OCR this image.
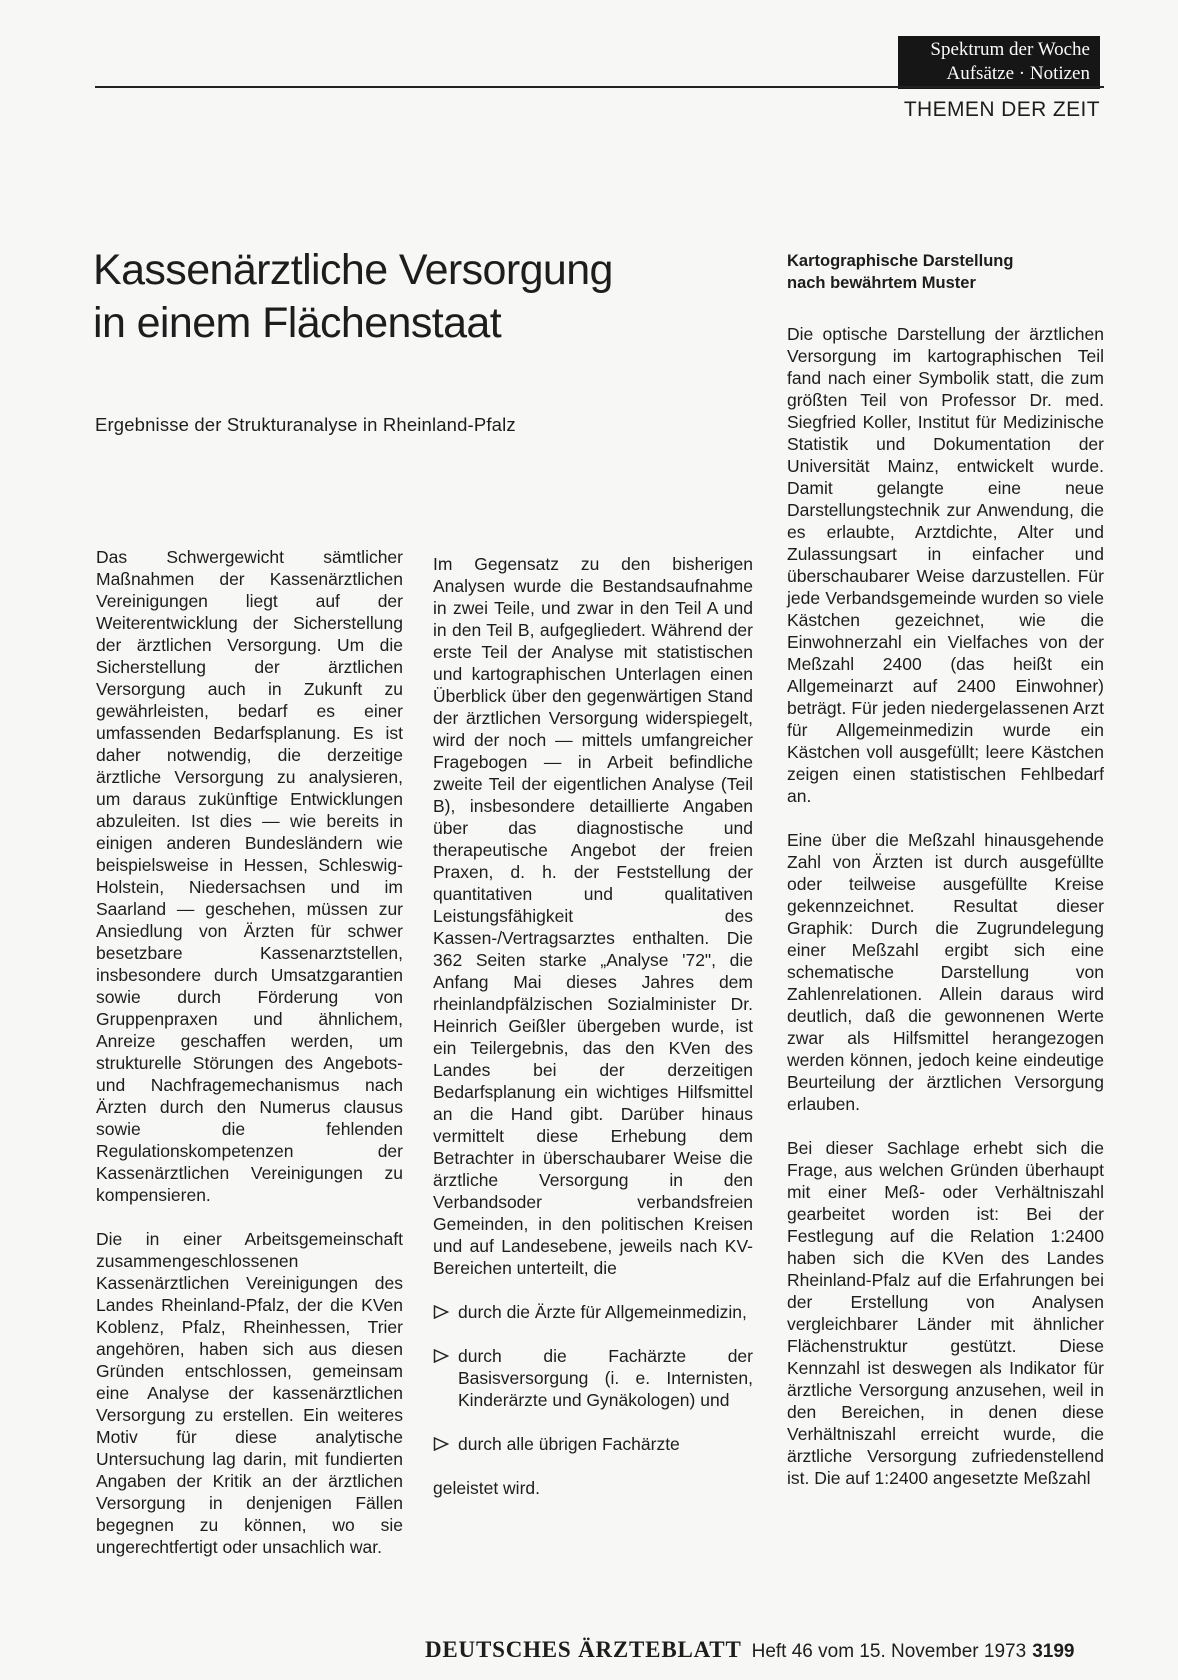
Spektrum der Woche
Aufsätze · Notizen
THEMEN DER ZEIT
Kassenärztliche Versorgung
in einem Flächenstaat
Ergebnisse der Strukturanalyse in Rheinland-Pfalz

Das Schwergewicht sämtlicher Maßnahmen der Kassenärztlichen Vereinigungen liegt auf der Weiterentwicklung der Sicherstellung der ärztlichen Versorgung. Um die Sicherstellung der ärztlichen Versorgung auch in Zukunft zu gewährleisten, bedarf es einer umfassenden Bedarfsplanung. Es ist daher notwendig, die derzeitige ärztliche Versorgung zu analysieren, um daraus zukünftige Entwicklungen abzuleiten. Ist dies — wie bereits in einigen anderen Bundesländern wie beispielsweise in Hessen, Schleswig-Holstein, Niedersachsen und im Saarland — geschehen, müssen zur Ansiedlung von Ärzten für schwer besetzbare Kassenarztstellen, insbesondere durch Umsatzgarantien sowie durch Förderung von Gruppenpraxen und ähnlichem, Anreize geschaffen werden, um strukturelle Störungen des Angebots- und Nachfragemechanismus nach Ärzten durch den Numerus clausus sowie die fehlenden Regulationskompetenzen der Kassenärztlichen Vereinigungen zu kompensieren.

Die in einer Arbeitsgemeinschaft zusammengeschlossenen Kassenärztlichen Vereinigungen des Landes Rheinland-Pfalz, der die KVen Koblenz, Pfalz, Rheinhessen, Trier angehören, haben sich aus diesen Gründen entschlossen, gemeinsam eine Analyse der kassenärztlichen Versorgung zu erstellen. Ein weiteres Motiv für diese analytische Untersuchung lag darin, mit fundierten Angaben der Kritik an der ärztlichen Versorgung in denjenigen Fällen begegnen zu können, wo sie ungerechtfertigt oder unsachlich war.

Im Gegensatz zu den bisherigen Analysen wurde die Bestandsaufnahme in zwei Teile, und zwar in den Teil A und in den Teil B, aufgegliedert. Während der erste Teil der Analyse mit statistischen und kartographischen Unterlagen einen Überblick über den gegenwärtigen Stand der ärztlichen Versorgung widerspiegelt, wird der noch — mittels umfangreicher Fragebogen — in Arbeit befindliche zweite Teil der eigentlichen Analyse (Teil B), insbesondere detaillierte Angaben über das diagnostische und therapeutische Angebot der freien Praxen, d. h. der Feststellung der quantitativen und qualitativen Leistungsfähigkeit des Kassen-/Vertragsarztes enthalten. Die 362 Seiten starke „Analyse '72", die Anfang Mai dieses Jahres dem rheinlandpfälzischen Sozialminister Dr. Heinrich Geißler übergeben wurde, ist ein Teilergebnis, das den KVen des Landes bei der derzeitigen Bedarfsplanung ein wichtiges Hilfsmittel an die Hand gibt. Darüber hinaus vermittelt diese Erhebung dem Betrachter in überschaubarer Weise die ärztliche Versorgung in den Verbandsoder verbandsfreien Gemeinden, in den politischen Kreisen und auf Landesebene, jeweils nach KV-Bereichen unterteilt, die

durch die Ärzte für Allgemeinmedizin,
durch die Fachärzte der Basisversorgung (i. e. Internisten, Kinderärzte und Gynäkologen) und
durch alle übrigen Fachärzte

geleistet wird.

Kartographische Darstellung
nach bewährtem Muster

Die optische Darstellung der ärztlichen Versorgung im kartographischen Teil fand nach einer Symbolik statt, die zum größten Teil von Professor Dr. med. Siegfried Koller, Institut für Medizinische Statistik und Dokumentation der Universität Mainz, entwickelt wurde. Damit gelangte eine neue Darstellungstechnik zur Anwendung, die es erlaubte, Arztdichte, Alter und Zulassungsart in einfacher und überschaubarer Weise darzustellen. Für jede Verbandsgemeinde wurden so viele Kästchen gezeichnet, wie die Einwohnerzahl ein Vielfaches von der Meßzahl 2400 (das heißt ein Allgemeinarzt auf 2400 Einwohner) beträgt. Für jeden niedergelassenen Arzt für Allgemeinmedizin wurde ein Kästchen voll ausgefüllt; leere Kästchen zeigen einen statistischen Fehlbedarf an.

Eine über die Meßzahl hinausgehende Zahl von Ärzten ist durch ausgefüllte oder teilweise ausgefüllte Kreise gekennzeichnet. Resultat dieser Graphik: Durch die Zugrundelegung einer Meßzahl ergibt sich eine schematische Darstellung von Zahlenrelationen. Allein daraus wird deutlich, daß die gewonnenen Werte zwar als Hilfsmittel herangezogen werden können, jedoch keine eindeutige Beurteilung der ärztlichen Versorgung erlauben.

Bei dieser Sachlage erhebt sich die Frage, aus welchen Gründen überhaupt mit einer Meß- oder Verhältniszahl gearbeitet worden ist: Bei der Festlegung auf die Relation 1:2400 haben sich die KVen des Landes Rheinland-Pfalz auf die Erfahrungen bei der Erstellung von Analysen vergleichbarer Länder mit ähnlicher Flächenstruktur gestützt. Diese Kennzahl ist deswegen als Indikator für ärztliche Versorgung anzusehen, weil in den Bereichen, in denen diese Verhältniszahl erreicht wurde, die ärztliche Versorgung zufriedenstellend ist. Die auf 1:2400 angesetzte Meßzahl

DEUTSCHES ÄRZTEBLATT Heft 46 vom 15. November 1973 3199
